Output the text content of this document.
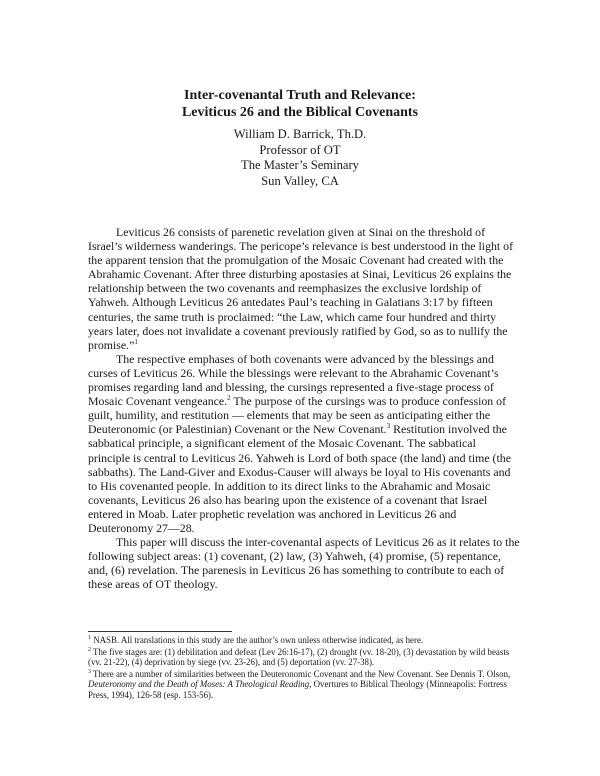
Inter-covenantal Truth and Relevance:
Leviticus 26 and the Biblical Covenants
William D. Barrick, Th.D.
Professor of OT
The Master’s Seminary
Sun Valley, CA

Leviticus 26 consists of parenetic revelation given at Sinai on the threshold of Israel’s wilderness wanderings. The pericope’s relevance is best understood in the light of the apparent tension that the promulgation of the Mosaic Covenant had created with the Abrahamic Covenant. After three disturbing apostasies at Sinai, Leviticus 26 explains the relationship between the two covenants and reemphasizes the exclusive lordship of Yahweh. Although Leviticus 26 antedates Paul’s teaching in Galatians 3:17 by fifteen centuries, the same truth is proclaimed: “the Law, which came four hundred and thirty years later, does not invalidate a covenant previously ratified by God, so as to nullify the promise.”$^1$

The respective emphases of both covenants were advanced by the blessings and curses of Leviticus 26. While the blessings were relevant to the Abrahamic Covenant’s promises regarding land and blessing, the cursings represented a five-stage process of Mosaic Covenant vengeance.$^2$ The purpose of the cursings was to produce confession of guilt, humility, and restitution — elements that may be seen as anticipating either the Deuteronomic (or Palestinian) Covenant or the New Covenant.$^3$ Restitution involved the sabbatical principle, a significant element of the Mosaic Covenant. The sabbatical principle is central to Leviticus 26. Yahweh is Lord of both space (the land) and time (the sabbaths). The Land-Giver and Exodus-Causer will always be loyal to His covenants and to His covenanted people. In addition to its direct links to the Abrahamic and Mosaic covenants, Leviticus 26 also has bearing upon the existence of a covenant that Israel entered in Moab. Later prophetic revelation was anchored in Leviticus 26 and Deuteronomy 27—28.

This paper will discuss the inter-covenantal aspects of Leviticus 26 as it relates to the following subject areas: (1) covenant, (2) law, (3) Yahweh, (4) promise, (5) repentance, and, (6) revelation. The parenesis in Leviticus 26 has something to contribute to each of these areas of OT theology.

$^1$ NASB. All translations in this study are the author’s own unless otherwise indicated, as here.

$^2$ The five stages are: (1) debilitation and defeat (Lev 26:16-17), (2) drought (vv. 18-20), (3) devastation by wild beasts (vv. 21-22), (4) deprivation by siege (vv. 23-26), and (5) deportation (vv. 27-38).

$^3$ There are a number of similarities between the Deuteronomic Covenant and the New Covenant. See Dennis T. Olson, Deuteronomy and the Death of Moses: A Theological Reading, Overtures to Biblical Theology (Minneapolis: Fortress Press, 1994), 126-58 (esp. 153-56).
